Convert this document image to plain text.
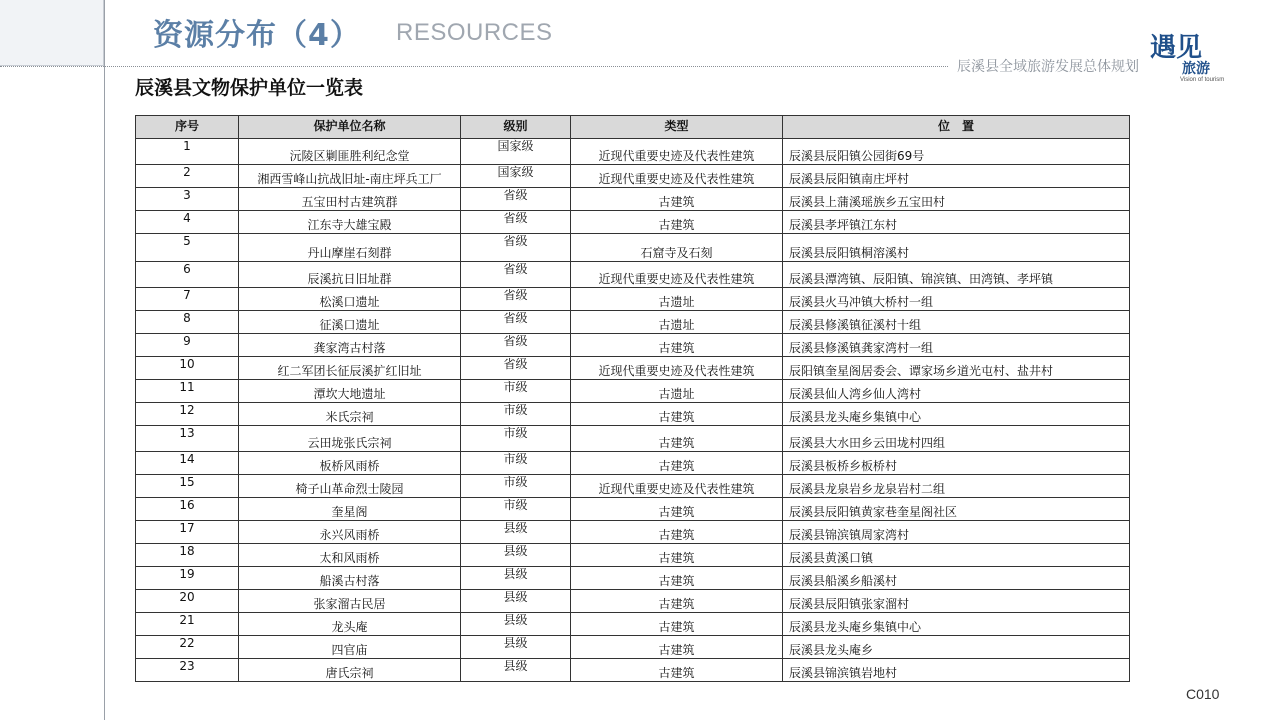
资源分布（4） RESOURCES
辰溪县全域旅游发展总体规划
遇见
旅游
Vision of tourism
辰溪县文物保护单位一览表
序号	保护单位名称	级别	类型	位　置
1	沅陵区剿匪胜利纪念堂	国家级	近现代重要史迹及代表性建筑	辰溪县辰阳镇公园街69号
2	湘西雪峰山抗战旧址-南庄坪兵工厂	国家级	近现代重要史迹及代表性建筑	辰溪县辰阳镇南庄坪村
3	五宝田村古建筑群	省级	古建筑	辰溪县上蒲溪瑶族乡五宝田村
4	江东寺大雄宝殿	省级	古建筑	辰溪县孝坪镇江东村
5	丹山摩崖石刻群	省级	石窟寺及石刻	辰溪县辰阳镇桐溶溪村
6	辰溪抗日旧址群	省级	近现代重要史迹及代表性建筑	辰溪县潭湾镇、辰阳镇、锦滨镇、田湾镇、孝坪镇
7	松溪口遗址	省级	古遗址	辰溪县火马冲镇大桥村一组
8	征溪口遗址	省级	古遗址	辰溪县修溪镇征溪村十组
9	龚家湾古村落	省级	古建筑	辰溪县修溪镇龚家湾村一组
10	红二军团长征辰溪扩红旧址	省级	近现代重要史迹及代表性建筑	辰阳镇奎星阁居委会、谭家场乡道光屯村、盐井村
11	潭坎大地遗址	市级	古遗址	辰溪县仙人湾乡仙人湾村
12	米氏宗祠	市级	古建筑	辰溪县龙头庵乡集镇中心
13	云田垅张氏宗祠	市级	古建筑	辰溪县大水田乡云田垅村四组
14	板桥风雨桥	市级	古建筑	辰溪县板桥乡板桥村
15	椅子山革命烈士陵园	市级	近现代重要史迹及代表性建筑	辰溪县龙泉岩乡龙泉岩村二组
16	奎星阁	市级	古建筑	辰溪县辰阳镇黄家巷奎星阁社区
17	永兴风雨桥	县级	古建筑	辰溪县锦滨镇周家湾村
18	太和风雨桥	县级	古建筑	辰溪县黄溪口镇
19	船溪古村落	县级	古建筑	辰溪县船溪乡船溪村
20	张家溜古民居	县级	古建筑	辰溪县辰阳镇张家溜村
21	龙头庵	县级	古建筑	辰溪县龙头庵乡集镇中心
22	四官庙	县级	古建筑	辰溪县龙头庵乡
23	唐氏宗祠	县级	古建筑	辰溪县锦滨镇岩地村
C010
